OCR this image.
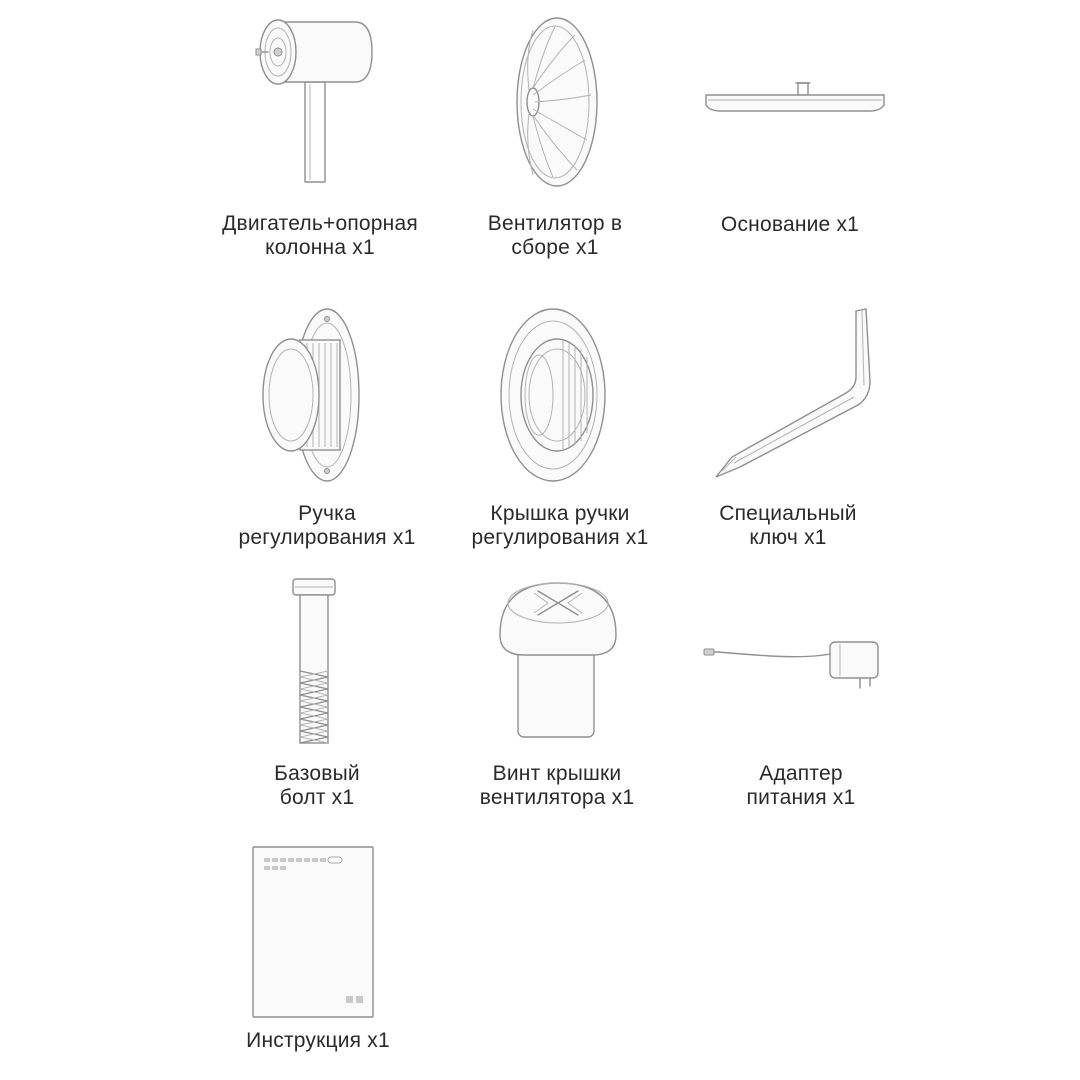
Двигатель+опорная
колонна x1
Вентилятор в
сборе x1
Основание x1
Ручка
регулирования x1
Крышка ручки
регулирования x1
Специальный
ключ x1
Базовый
болт x1
Винт крышки
вентилятора x1
Адаптер
питания x1
Инструкция x1
